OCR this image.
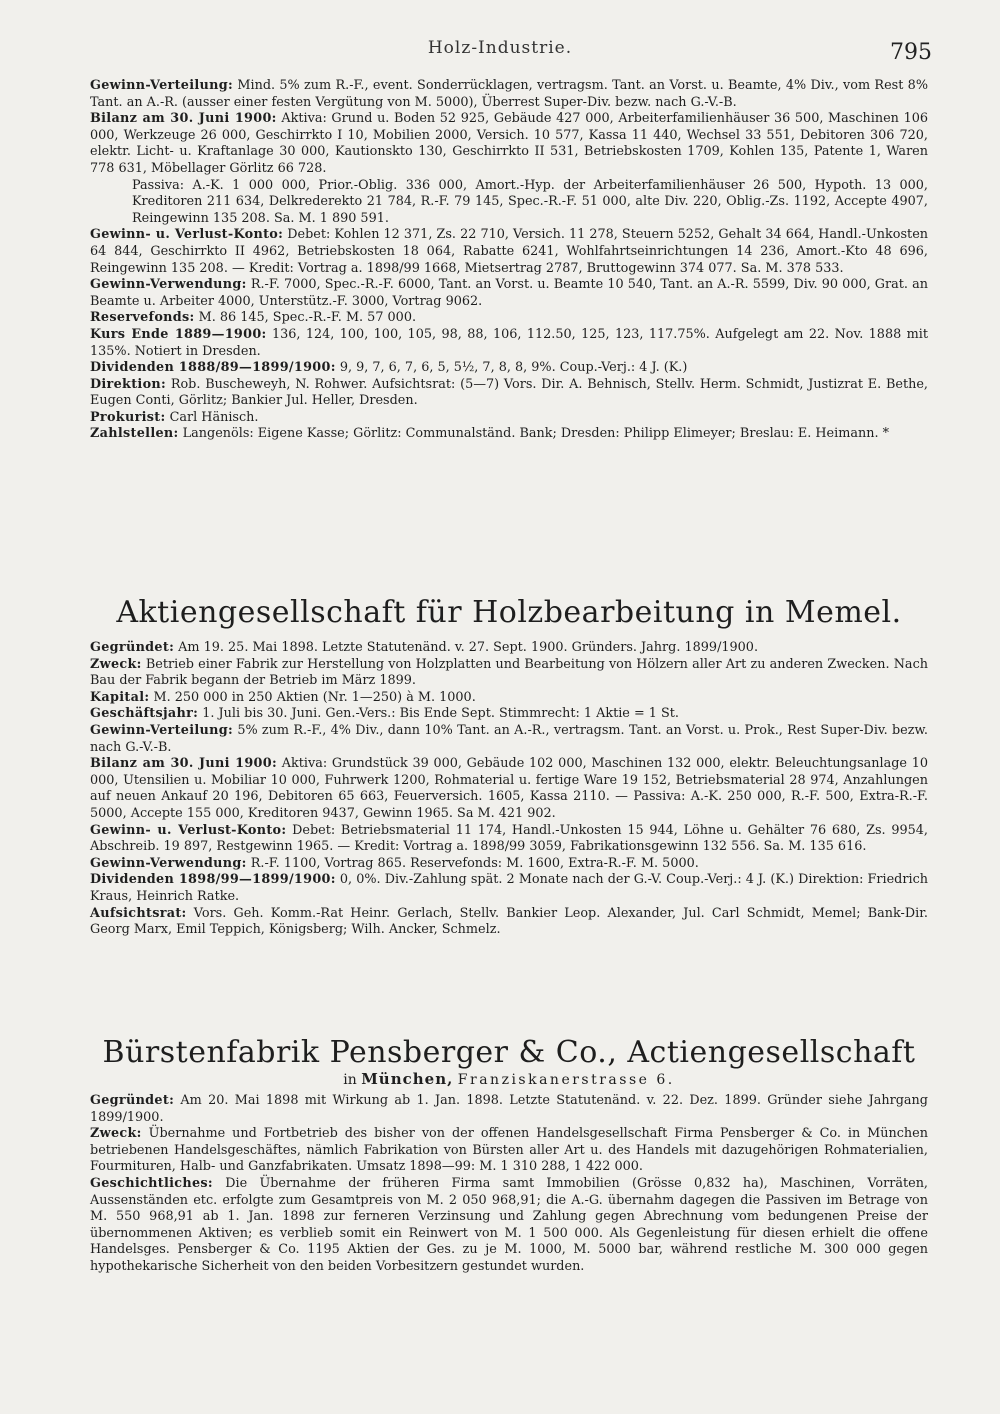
Holz-Industrie.	795

Gewinn-Verteilung: Mind. 5% zum R.-F., event. Sonderrücklagen, vertragsm. Tant. an Vorst. u. Beamte, 4% Div., vom Rest 8% Tant. an A.-R. (ausser einer festen Vergütung von M. 5000), Überrest Super-Div. bezw. nach G.-V.-B.

Bilanz am 30. Juni 1900: Aktiva: Grund u. Boden 52 925, Gebäude 427 000, Arbeiterfamilienhäuser 36 500, Maschinen 106 000, Werkzeuge 26 000, Geschirrkto I 10, Mobilien 2000, Versich. 10 577, Kassa 11 440, Wechsel 33 551, Debitoren 306 720, elektr. Licht- u. Kraftanlage 30 000, Kautionskto 130, Geschirrkto II 531, Betriebskosten 1709, Kohlen 135, Patente 1, Waren 778 631, Möbellager Görlitz 66 728.

Passiva: A.-K. 1 000 000, Prior.-Oblig. 336 000, Amort.-Hyp. der Arbeiterfamilienhäuser 26 500, Hypoth. 13 000, Kreditoren 211 634, Delkrederekto 21 784, R.-F. 79 145, Spec.-R.-F. 51 000, alte Div. 220, Oblig.-Zs. 1192, Accepte 4907, Reingewinn 135 208. Sa. M. 1 890 591.

Gewinn- u. Verlust-Konto: Debet: Kohlen 12 371, Zs. 22 710, Versich. 11 278, Steuern 5252, Gehalt 34 664, Handl.-Unkosten 64 844, Geschirrkto II 4962, Betriebskosten 18 064, Rabatte 6241, Wohlfahrtseinrichtungen 14 236, Amort.-Kto 48 696, Reingewinn 135 208. — Kredit: Vortrag a. 1898/99 1668, Mietsertrag 2787, Bruttogewinn 374 077. Sa. M. 378 533.

Gewinn-Verwendung: R.-F. 7000, Spec.-R.-F. 6000, Tant. an Vorst. u. Beamte 10 540, Tant. an A.-R. 5599, Div. 90 000, Grat. an Beamte u. Arbeiter 4000, Unterstütz.-F. 3000, Vortrag 9062.

Reservefonds: M. 86 145, Spec.-R.-F. M. 57 000.

Kurs Ende 1889—1900: 136, 124, 100, 100, 105, 98, 88, 106, 112.50, 125, 123, 117.75%. Aufgelegt am 22. Nov. 1888 mit 135%. Notiert in Dresden.

Dividenden 1888/89—1899/1900: 9, 9, 7, 6, 7, 6, 5, 5½, 7, 8, 8, 9%. Coup.-Verj.: 4 J. (K.)

Direktion: Rob. Buscheweyh, N. Rohwer. Aufsichtsrat: (5—7) Vors. Dir. A. Behnisch, Stellv. Herm. Schmidt, Justizrat E. Bethe, Eugen Conti, Görlitz; Bankier Jul. Heller, Dresden.

Prokurist: Carl Hänisch.

Zahlstellen: Langenöls: Eigene Kasse; Görlitz: Communalständ. Bank; Dresden: Philipp Elimeyer; Breslau: E. Heimann. *

Aktiengesellschaft für Holzbearbeitung in Memel.

Gegründet: Am 19. 25. Mai 1898. Letzte Statutenänd. v. 27. Sept. 1900. Gründers. Jahrg. 1899/1900.

Zweck: Betrieb einer Fabrik zur Herstellung von Holzplatten und Bearbeitung von Hölzern aller Art zu anderen Zwecken. Nach Bau der Fabrik begann der Betrieb im März 1899.

Kapital: M. 250 000 in 250 Aktien (Nr. 1—250) à M. 1000.

Geschäftsjahr: 1. Juli bis 30. Juni. Gen.-Vers.: Bis Ende Sept. Stimmrecht: 1 Aktie = 1 St.

Gewinn-Verteilung: 5% zum R.-F., 4% Div., dann 10% Tant. an A.-R., vertragsm. Tant. an Vorst. u. Prok., Rest Super-Div. bezw. nach G.-V.-B.

Bilanz am 30. Juni 1900: Aktiva: Grundstück 39 000, Gebäude 102 000, Maschinen 132 000, elektr. Beleuchtungsanlage 10 000, Utensilien u. Mobiliar 10 000, Fuhrwerk 1200, Rohmaterial u. fertige Ware 19 152, Betriebsmaterial 28 974, Anzahlungen auf neuen Ankauf 20 196, Debitoren 65 663, Feuerversich. 1605, Kassa 2110. — Passiva: A.-K. 250 000, R.-F. 500, Extra-R.-F. 5000, Accepte 155 000, Kreditoren 9437, Gewinn 1965. Sa M. 421 902.

Gewinn- u. Verlust-Konto: Debet: Betriebsmaterial 11 174, Handl.-Unkosten 15 944, Löhne u. Gehälter 76 680, Zs. 9954, Abschreib. 19 897, Restgewinn 1965. — Kredit: Vortrag a. 1898/99 3059, Fabrikationsgewinn 132 556. Sa. M. 135 616.

Gewinn-Verwendung: R.-F. 1100, Vortrag 865. Reservefonds: M. 1600, Extra-R.-F. M. 5000.

Dividenden 1898/99—1899/1900: 0, 0%. Div.-Zahlung spät. 2 Monate nach der G.-V. Coup.-Verj.: 4 J. (K.) Direktion: Friedrich Kraus, Heinrich Ratke.

Aufsichtsrat: Vors. Geh. Komm.-Rat Heinr. Gerlach, Stellv. Bankier Leop. Alexander, Jul. Carl Schmidt, Memel; Bank-Dir. Georg Marx, Emil Teppich, Königsberg; Wilh. Ancker, Schmelz.

Bürstenfabrik Pensberger & Co., Actiengesellschaft

in München, Franziskanerstrasse 6.

Gegründet: Am 20. Mai 1898 mit Wirkung ab 1. Jan. 1898. Letzte Statutenänd. v. 22. Dez. 1899. Gründer siehe Jahrgang 1899/1900.

Zweck: Übernahme und Fortbetrieb des bisher von der offenen Handelsgesellschaft Firma Pensberger & Co. in München betriebenen Handelsgeschäftes, nämlich Fabrikation von Bürsten aller Art u. des Handels mit dazugehörigen Rohmaterialien, Fourmituren, Halb- und Ganzfabrikaten. Umsatz 1898—99: M. 1 310 288, 1 422 000.

Geschichtliches: Die Übernahme der früheren Firma samt Immobilien (Grösse 0,832 ha), Maschinen, Vorräten, Aussenständen etc. erfolgte zum Gesamtpreis von M. 2 050 968,91; die A.-G. übernahm dagegen die Passiven im Betrage von M. 550 968,91 ab 1. Jan. 1898 zur ferneren Verzinsung und Zahlung gegen Abrechnung vom bedungenen Preise der übernommenen Aktiven; es verblieb somit ein Reinwert von M. 1 500 000. Als Gegenleistung für diesen erhielt die offene Handelsges. Pensberger & Co. 1195 Aktien der Ges. zu je M. 1000, M. 5000 bar, während restliche M. 300 000 gegen hypothekarische Sicherheit von den beiden Vorbesitzern gestundet wurden.
